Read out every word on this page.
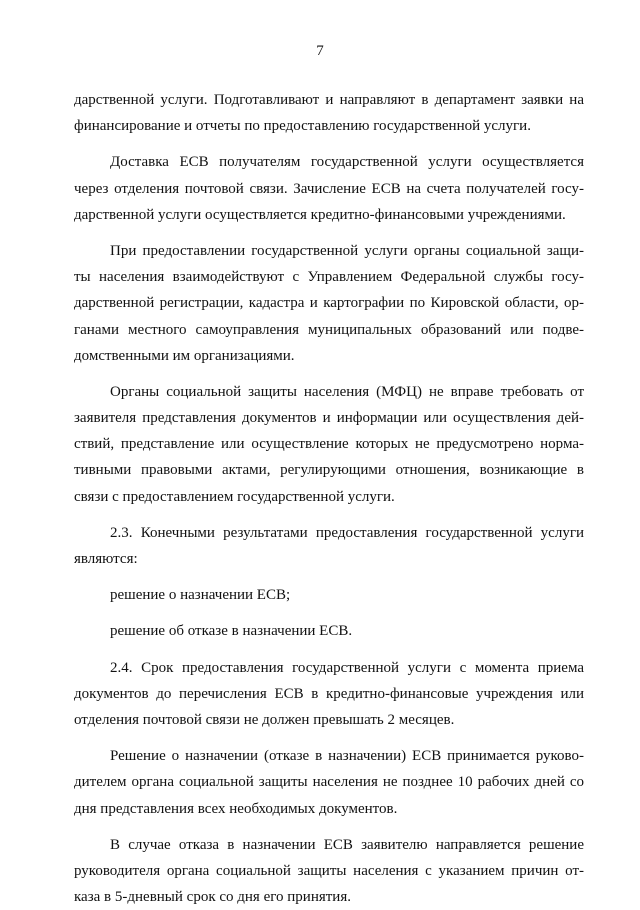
7
дарственной услуги. Подготавливают и направляют в департамент заявки на
финансирование и отчеты по предоставлению государственной услуги.
Доставка ЕСВ получателям государственной услуги осуществляется
через отделения почтовой связи. Зачисление ЕСВ на счета получателей госу-
дарственной услуги осуществляется кредитно-финансовыми учреждениями.
При предоставлении государственной услуги органы социальной защи-
ты населения взаимодействуют с Управлением Федеральной службы госу-
дарственной регистрации, кадастра и картографии по Кировской области, ор-
ганами местного самоуправления муниципальных образований или подве-
домственными им организациями.
Органы социальной защиты населения (МФЦ) не вправе требовать от
заявителя представления документов и информации или осуществления дей-
ствий, представление или осуществление которых не предусмотрено норма-
тивными правовыми актами, регулирующими отношения, возникающие в
связи с предоставлением государственной услуги.
2.3. Конечными результатами предоставления государственной услуги
являются:
решение о назначении ЕСВ;
решение об отказе в назначении ЕСВ.
2.4. Срок предоставления государственной услуги с момента приема
документов до перечисления ЕСВ в кредитно-финансовые учреждения или
отделения почтовой связи не должен превышать 2 месяцев.
Решение о назначении (отказе в назначении) ЕСВ принимается руково-
дителем органа социальной защиты населения не позднее 10 рабочих дней со
дня представления всех необходимых документов.
В случае отказа в назначении ЕСВ заявителю направляется решение
руководителя органа социальной защиты населения с указанием причин от-
каза в 5-дневный срок со дня его принятия.
